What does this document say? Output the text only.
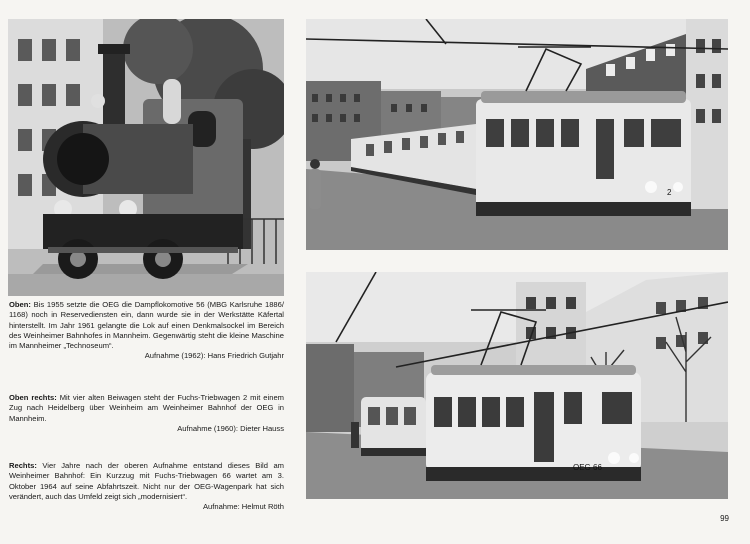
2
OEG 66
Oben: Bis 1955 setzte die OEG die Dampflokomotive 56 (MBG Karlsruhe 1886/ 1168) noch in Reservediensten ein, dann wurde sie in der Werkstätte Käfertal hinterstellt. Im Jahr 1961 gelangte die Lok auf einen Denkmalsockel im Bereich des Weinheimer Bahnhofes in Mannheim. Gegenwärtig steht die kleine Maschine im Mannheimer „Technoseum“.
Aufnahme (1962): Hans Friedrich Gutjahr
Oben rechts: Mit vier alten Beiwagen steht der Fuchs-Triebwagen 2 mit einem Zug nach Heidelberg über Weinheim am Weinheimer Bahnhof der OEG in Mannheim.
Aufnahme (1960): Dieter Hauss
Rechts: Vier Jahre nach der oberen Aufnahme entstand dieses Bild am Weinheimer Bahnhof: Ein Kurzzug mit Fuchs-Triebwagen 66 wartet am 3. Oktober 1964 auf seine Abfahrtszeit. Nicht nur der OEG-Wagenpark hat sich verändert, auch das Umfeld zeigt sich „modernisiert“.
Aufnahme: Helmut Röth
99
